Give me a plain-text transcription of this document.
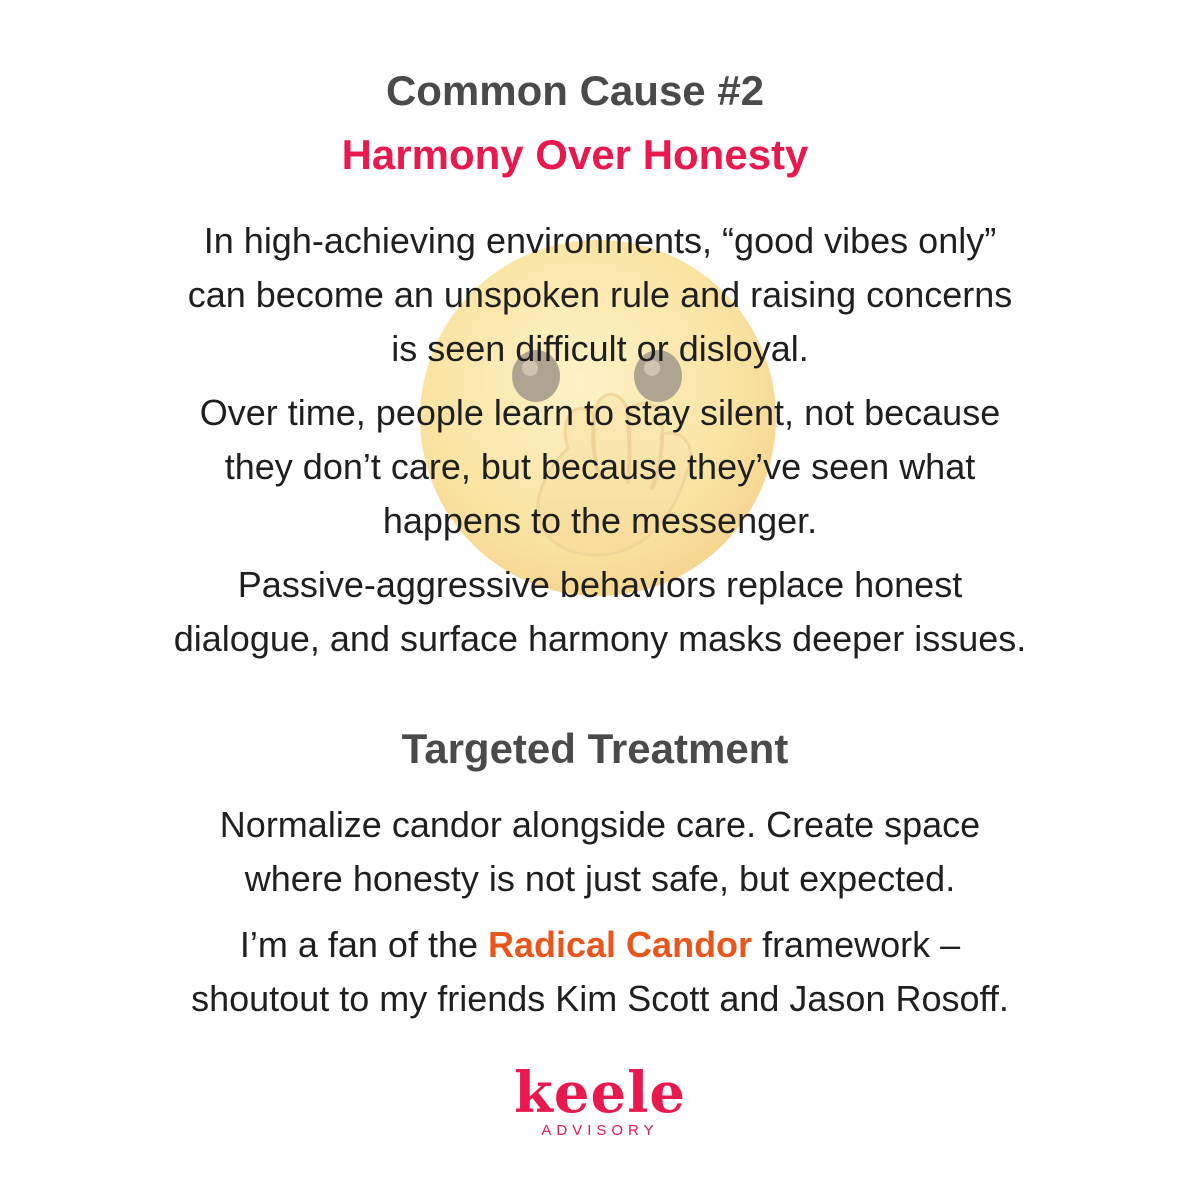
Common Cause #2
Harmony Over Honesty

In high-achieving environments, “good vibes only”
can become an unspoken rule and raising concerns
is seen difficult or disloyal.

Over time, people learn to stay silent, not because
they don’t care, but because they’ve seen what
happens to the messenger.

Passive-aggressive behaviors replace honest
dialogue, and surface harmony masks deeper issues.

Targeted Treatment

Normalize candor alongside care. Create space
where honesty is not just safe, but expected.

I’m a fan of the Radical Candor framework –
shoutout to my friends Kim Scott and Jason Rosoff.

keele
ADVISORY
